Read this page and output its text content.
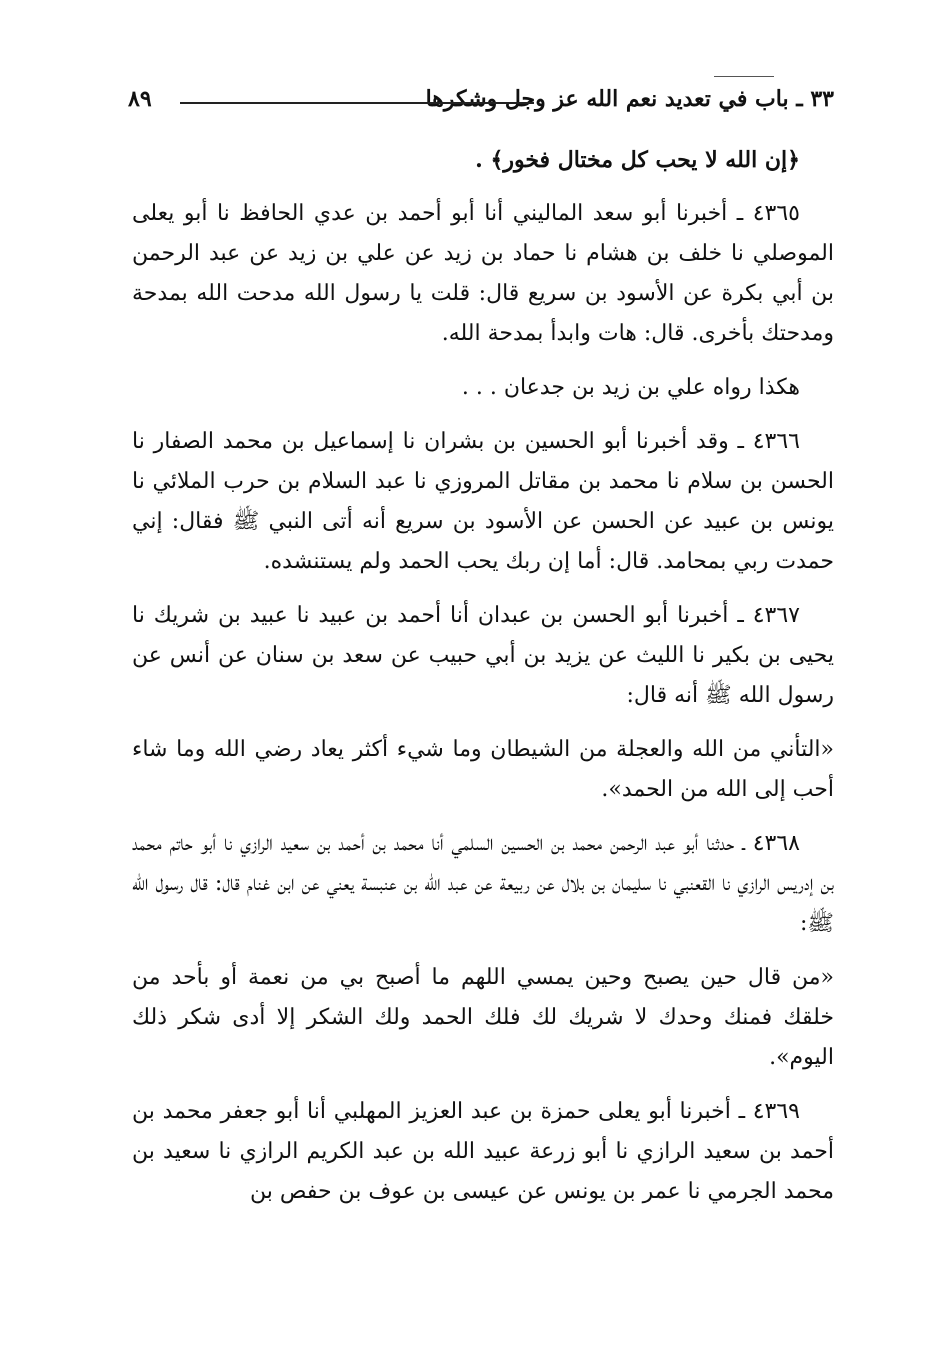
٣٣ ـ باب في تعديد نعم الله عز وجل وشكرها
٨٩

﴿إن الله لا يحب كل مختال فخور﴾ .

٤٣٦٥ ـ أخبرنا أبو سعد الماليني أنا أبو أحمد بن عدي الحافظ نا أبو يعلى الموصلي نا خلف بن هشام نا حماد بن زيد عن علي بن زيد عن عبد الرحمن بن أبي بكرة عن الأسود بن سريع قال: قلت يا رسول الله مدحت الله بمدحة ومدحتك بأخرى. قال: هات وابدأ بمدحة الله.

هكذا رواه علي بن زيد بن جدعان . . .

٤٣٦٦ ـ وقد أخبرنا أبو الحسين بن بشران نا إسماعيل بن محمد الصفار نا الحسن بن سلام نا محمد بن مقاتل المروزي نا عبد السلام بن حرب الملائي نا يونس بن عبيد عن الحسن عن الأسود بن سريع أنه أتى النبي ﷺ فقال: إني حمدت ربي بمحامد. قال: أما إن ربك يحب الحمد ولم يستنشده.

٤٣٦٧ ـ أخبرنا أبو الحسن بن عبدان أنا أحمد بن عبيد نا عبيد بن شريك نا يحيى بن بكير نا الليث عن يزيد بن أبي حبيب عن سعد بن سنان عن أنس عن رسول الله ﷺ أنه قال:

«التأني من الله والعجلة من الشيطان وما شيء أكثر يعاد رضي الله وما شاء أحب إلى الله من الحمد».

٤٣٦٨ ـ حدثنا أبو عبد الرحمن محمد بن الحسين السلمي أنا محمد بن أحمد بن سعيد الرازي نا أبو حاتم محمد بن إدريس الرازي نا القعنبي نا سليمان بن بلال عن ربيعة عن عبد الله بن عنبسة يعني عن ابن غنام قال: قال رسول الله ﷺ:

«من قال حين يصبح وحين يمسي اللهم ما أصبح بي من نعمة أو بأحد من خلقك فمنك وحدك لا شريك لك فلك الحمد ولك الشكر إلا أدى شكر ذلك اليوم».

٤٣٦٩ ـ أخبرنا أبو يعلى حمزة بن عبد العزيز المهلبي أنا أبو جعفر محمد بن أحمد بن سعيد الرازي نا أبو زرعة عبيد الله بن عبد الكريم الرازي نا سعيد بن محمد الجرمي نا عمر بن يونس عن عيسى بن عوف بن حفص بن
